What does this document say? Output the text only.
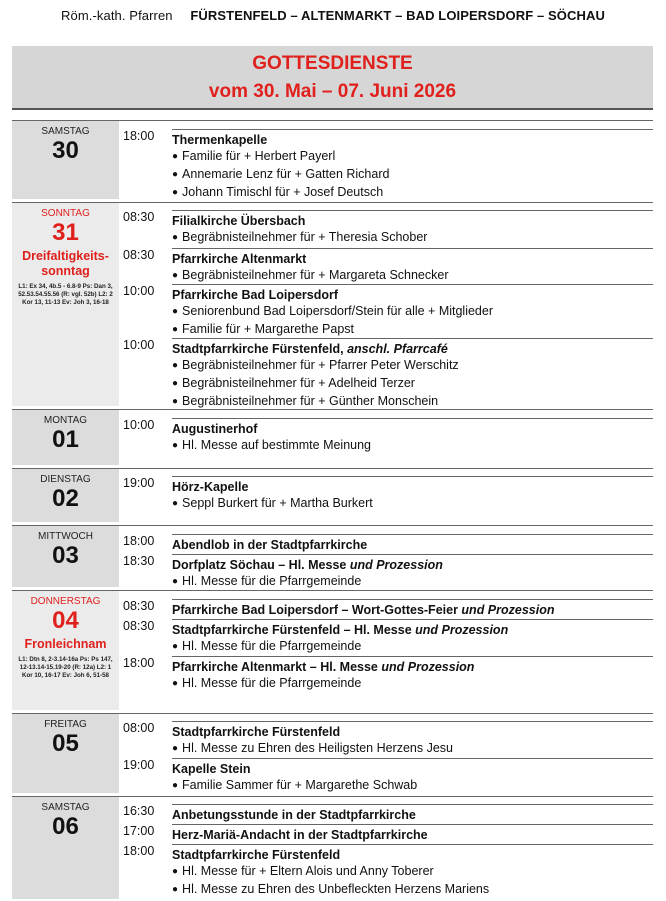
Röm.-kath. Pfarren FÜRSTENFELD – ALTENMARKT – BAD LOIPERSDORF – SÖCHAU
GOTTESDIENSTE
vom 30. Mai – 07. Juni 2026
SAMSTAG
30
18:00 Thermenkapelle
● Familie für + Herbert Payerl
● Annemarie Lenz für + Gatten Richard
● Johann Timischl für + Josef Deutsch
SONNTAG
31
Dreifaltigkeits-sonntag
L1: Ex 34, 4b.5 - 6.8-9 Ps: Dan 3, 52.53.54.55.56 (R: vgl. 52b) L2: 2 Kor 13, 11-13 Ev: Joh 3, 16-18
08:30 Filialkirche Übersbach
● Begräbnisteilnehmer für + Theresia Schober
08:30 Pfarrkirche Altenmarkt
● Begräbnisteilnehmer für + Margareta Schnecker
10:00 Pfarrkirche Bad Loipersdorf
● Seniorenbund Bad Loipersdorf/Stein für alle + Mitglieder
● Familie für + Margarethe Papst
10:00 Stadtpfarrkirche Fürstenfeld, anschl. Pfarrcafé
● Begräbnisteilnehmer für + Pfarrer Peter Werschitz
● Begräbnisteilnehmer für + Adelheid Terzer
● Begräbnisteilnehmer für + Günther Monschein
MONTAG
01
10:00 Augustinerhof
● Hl. Messe auf bestimmte Meinung
DIENSTAG
02
19:00 Hörz-Kapelle
● Seppl Burkert für + Martha Burkert
MITTWOCH
03
18:00 Abendlob in der Stadtpfarrkirche
18:30 Dorfplatz Söchau – Hl. Messe und Prozession
● Hl. Messe für die Pfarrgemeinde
DONNERSTAG
04
Fronleichnam
L1: Dtn 8, 2-3.14-16a Ps: Ps 147, 12-13.14-15.19-20 (R: 12a) L2: 1 Kor 10, 16-17 Ev: Joh 6, 51-58
08:30 Pfarrkirche Bad Loipersdorf – Wort-Gottes-Feier und Prozession
08:30 Stadtpfarrkirche Fürstenfeld – Hl. Messe und Prozession
● Hl. Messe für die Pfarrgemeinde
18:00 Pfarrkirche Altenmarkt – Hl. Messe und Prozession
● Hl. Messe für die Pfarrgemeinde
FREITAG
05
08:00 Stadtpfarrkirche Fürstenfeld
● Hl. Messe zu Ehren des Heiligsten Herzens Jesu
19:00 Kapelle Stein
● Familie Sammer für + Margarethe Schwab
SAMSTAG
06
16:30 Anbetungsstunde in der Stadtpfarrkirche
17:00 Herz-Mariä-Andacht in der Stadtpfarrkirche
18:00 Stadtpfarrkirche Fürstenfeld
● Hl. Messe für + Eltern Alois und Anny Toberer
● Hl. Messe zu Ehren des Unbefleckten Herzens Mariens
